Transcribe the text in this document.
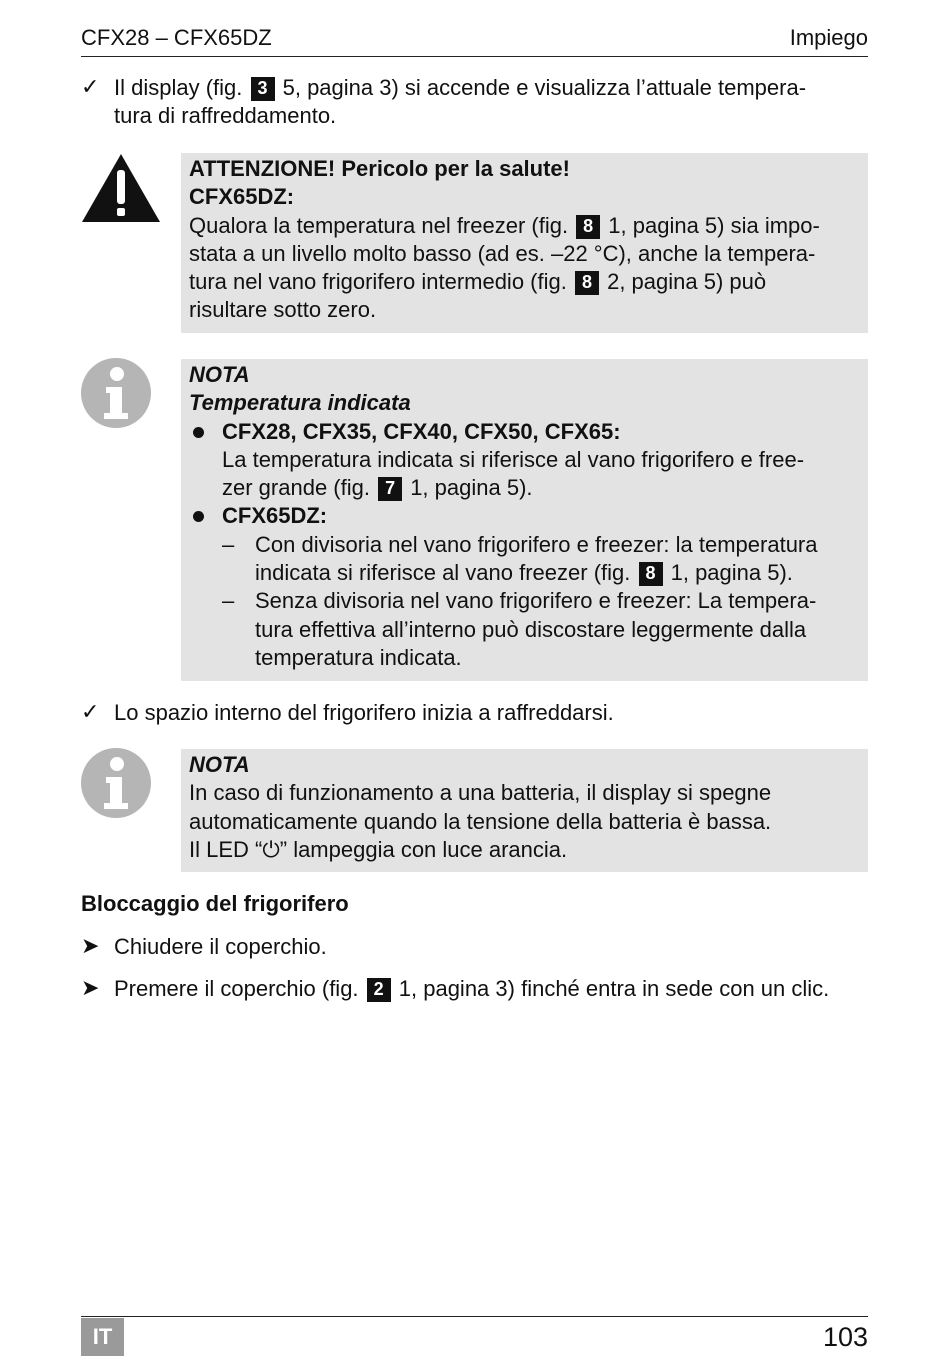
CFX28 – CFX65DZ	Impiego
✓ Il display (fig. 3 5, pagina 3) si accende e visualizza l’attuale tempera-
tura di raffreddamento.
ATTENZIONE! Pericolo per la salute!
CFX65DZ:
Qualora la temperatura nel freezer (fig. 8 1, pagina 5) sia impo-
stata a un livello molto basso (ad es. –22 °C), anche la tempera-
tura nel vano frigorifero intermedio (fig. 8 2, pagina 5) può
risultare sotto zero.
NOTA
Temperatura indicata
CFX28, CFX35, CFX40, CFX50, CFX65:
La temperatura indicata si riferisce al vano frigorifero e free-
zer grande (fig. 7 1, pagina 5).
CFX65DZ:
– Con divisoria nel vano frigorifero e freezer: la temperatura
indicata si riferisce al vano freezer (fig. 8 1, pagina 5).
– Senza divisoria nel vano frigorifero e freezer: La tempera-
tura effettiva all’interno può discostare leggermente dalla
temperatura indicata.
✓ Lo spazio interno del frigorifero inizia a raffreddarsi.
NOTA
In caso di funzionamento a una batteria, il display si spegne
automaticamente quando la tensione della batteria è bassa.
Il LED “⏻” lampeggia con luce arancia.
Bloccaggio del frigorifero
➤ Chiudere il coperchio.
➤ Premere il coperchio (fig. 2 1, pagina 3) finché entra in sede con un clic.
IT	103
